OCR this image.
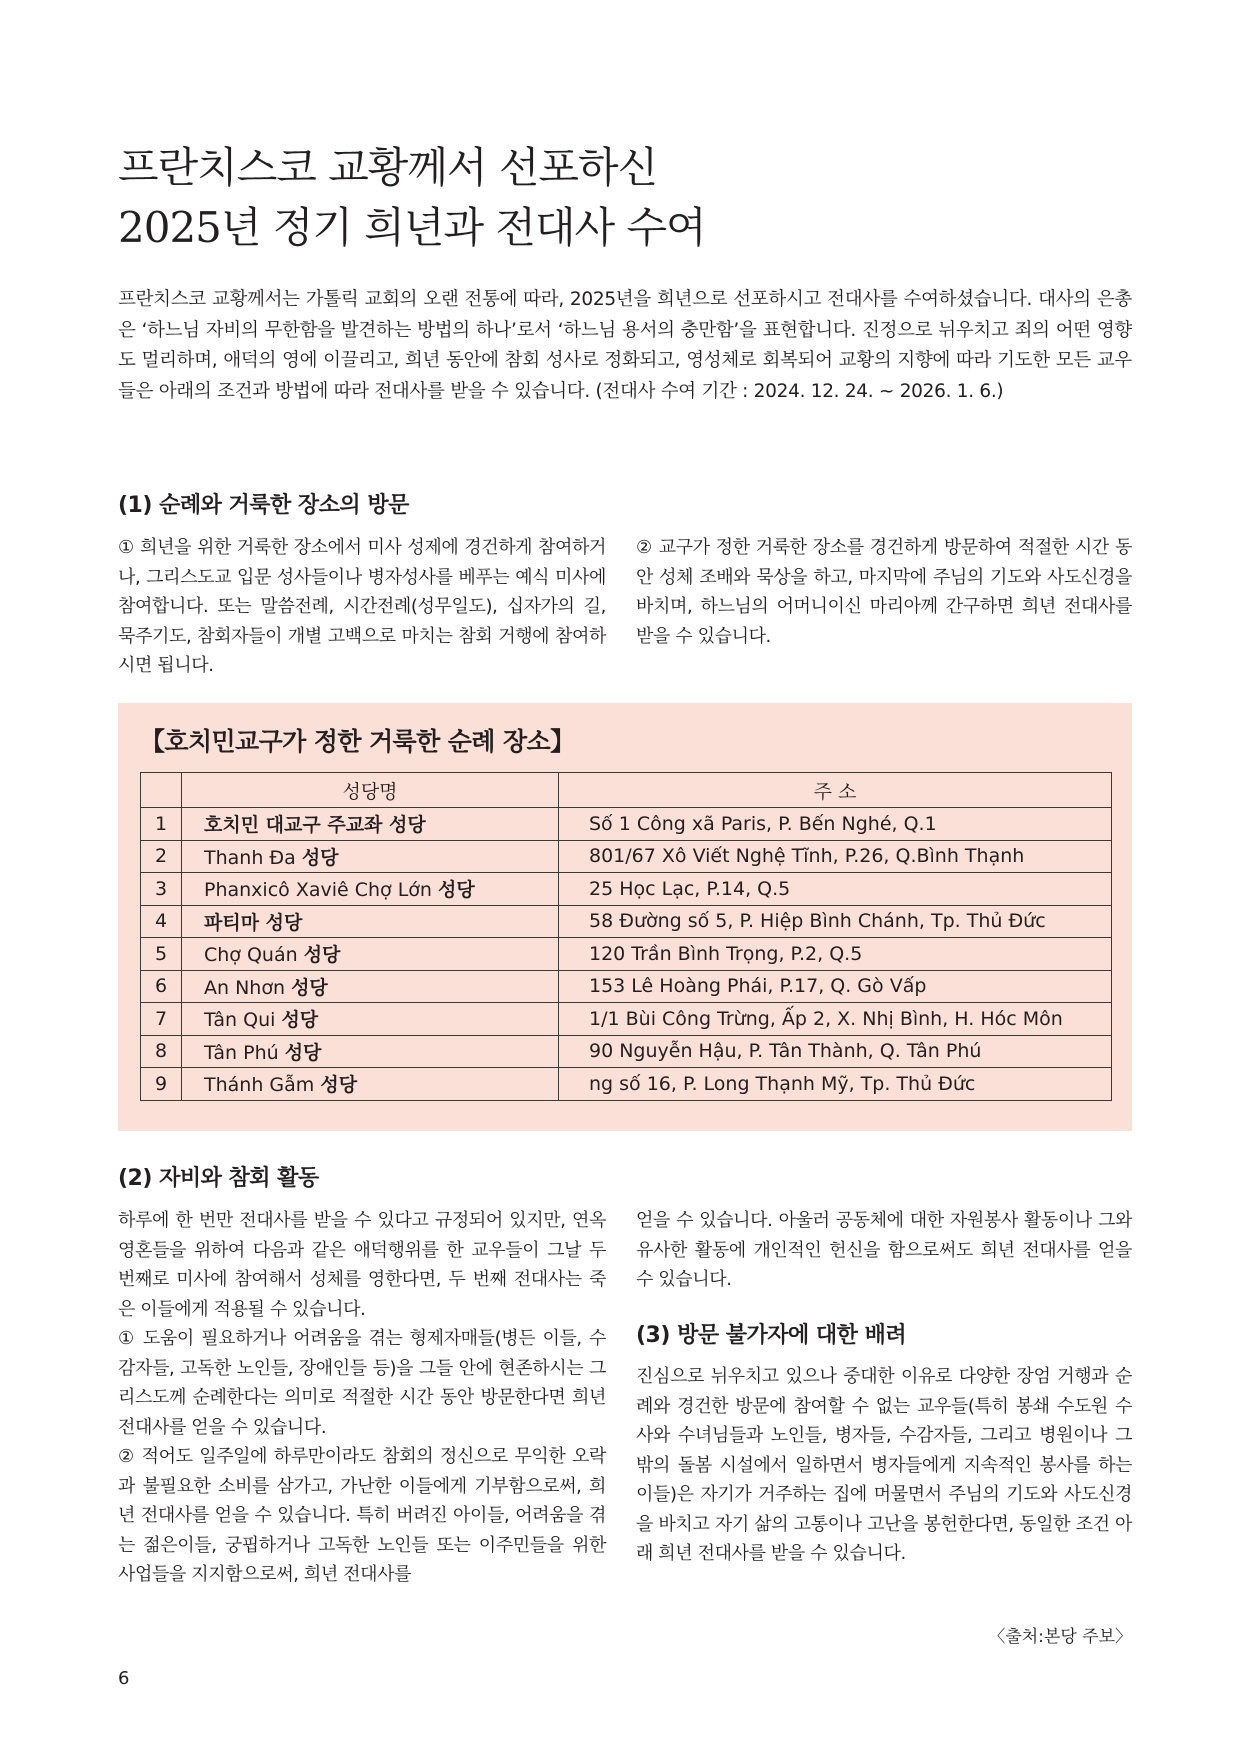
프란치스코 교황께서 선포하신
2025년 정기 희년과 전대사 수여

프란치스코 교황께서는 가톨릭 교회의 오랜 전통에 따라, 2025년을 희년으로 선포하시고 전대사를 수여하셨습니다. 대사의 은총은 ‘하느님 자비의 무한함을 발견하는 방법의 하나’로서 ‘하느님 용서의 충만함’을 표현합니다. 진정으로 뉘우치고 죄의 어떤 영향도 멀리하며, 애덕의 영에 이끌리고, 희년 동안에 참회 성사로 정화되고, 영성체로 회복되어 교황의 지향에 따라 기도한 모든 교우들은 아래의 조건과 방법에 따라 전대사를 받을 수 있습니다. (전대사 수여 기간 : 2024. 12. 24. ~ 2026. 1. 6.)

(1) 순례와 거룩한 장소의 방문

① 희년을 위한 거룩한 장소에서 미사 성제에 경건하게 참여하거나, 그리스도교 입문 성사들이나 병자성사를 베푸는 예식 미사에 참여합니다. 또는 말씀전례, 시간전례(성무일도), 십자가의 길, 묵주기도, 참회자들이 개별 고백으로 마치는 참회 거행에 참여하시면 됩니다.

② 교구가 정한 거룩한 장소를 경건하게 방문하여 적절한 시간 동안 성체 조배와 묵상을 하고, 마지막에 주님의 기도와 사도신경을 바치며, 하느님의 어머니이신 마리아께 간구하면 희년 전대사를 받을 수 있습니다.

【호치민교구가 정한 거룩한 순례 장소】
	성당명	주 소
1	호치민 대교구 주교좌 성당	Số 1 Công xã Paris, P. Bến Nghé, Q.1
2	Thanh Đa 성당	801/67 Xô Viết Nghệ Tĩnh, P.26, Q.Bình Thạnh
3	Phanxicô Xaviê Chợ Lớn 성당	25 Học Lạc, P.14, Q.5
4	파티마 성당	58 Đường số 5, P. Hiệp Bình Chánh, Tp. Thủ Đức
5	Chợ Quán 성당	120 Trần Bình Trọng, P.2, Q.5
6	An Nhơn 성당	153 Lê Hoàng Phái, P.17, Q. Gò Vấp
7	Tân Qui 성당	1/1 Bùi Công Trừng, Ấp 2, X. Nhị Bình, H. Hóc Môn
8	Tân Phú 성당	90 Nguyễn Hậu, P. Tân Thành, Q. Tân Phú
9	Thánh Gẫm 성당	ng số 16, P. Long Thạnh Mỹ, Tp. Thủ Đức
(2) 자비와 참회 활동
하루에 한 번만 전대사를 받을 수 있다고 규정되어 있지만, 연옥 영혼들을 위하여 다음과 같은 애덕행위를 한 교우들이 그날 두 번째로 미사에 참여해서 성체를 영한다면, 두 번째 전대사는 죽은 이들에게 적용될 수 있습니다.
① 도움이 필요하거나 어려움을 겪는 형제자매들(병든 이들, 수감자들, 고독한 노인들, 장애인들 등)을 그들 안에 현존하시는 그리스도께 순례한다는 의미로 적절한 시간 동안 방문한다면 희년 전대사를 얻을 수 있습니다.
② 적어도 일주일에 하루만이라도 참회의 정신으로 무익한 오락과 불필요한 소비를 삼가고, 가난한 이들에게 기부함으로써, 희년 전대사를 얻을 수 있습니다. 특히 버려진 아이들, 어려움을 겪는 젊은이들, 궁핍하거나 고독한 노인들 또는 이주민들을 위한 사업들을 지지함으로써, 희년 전대사를

얻을 수 있습니다. 아울러 공동체에 대한 자원봉사 활동이나 그와 유사한 활동에 개인적인 헌신을 함으로써도 희년 전대사를 얻을 수 있습니다.

(3) 방문 불가자에 대한 배려

진심으로 뉘우치고 있으나 중대한 이유로 다양한 장엄 거행과 순례와 경건한 방문에 참여할 수 없는 교우들(특히 봉쇄 수도원 수사와 수녀님들과 노인들, 병자들, 수감자들, 그리고 병원이나 그 밖의 돌봄 시설에서 일하면서 병자들에게 지속적인 봉사를 하는 이들)은 자기가 거주하는 집에 머물면서 주님의 기도와 사도신경을 바치고 자기 삶의 고통이나 고난을 봉헌한다면, 동일한 조건 아래 희년 전대사를 받을 수 있습니다.

〈출처:본당 주보〉

6
